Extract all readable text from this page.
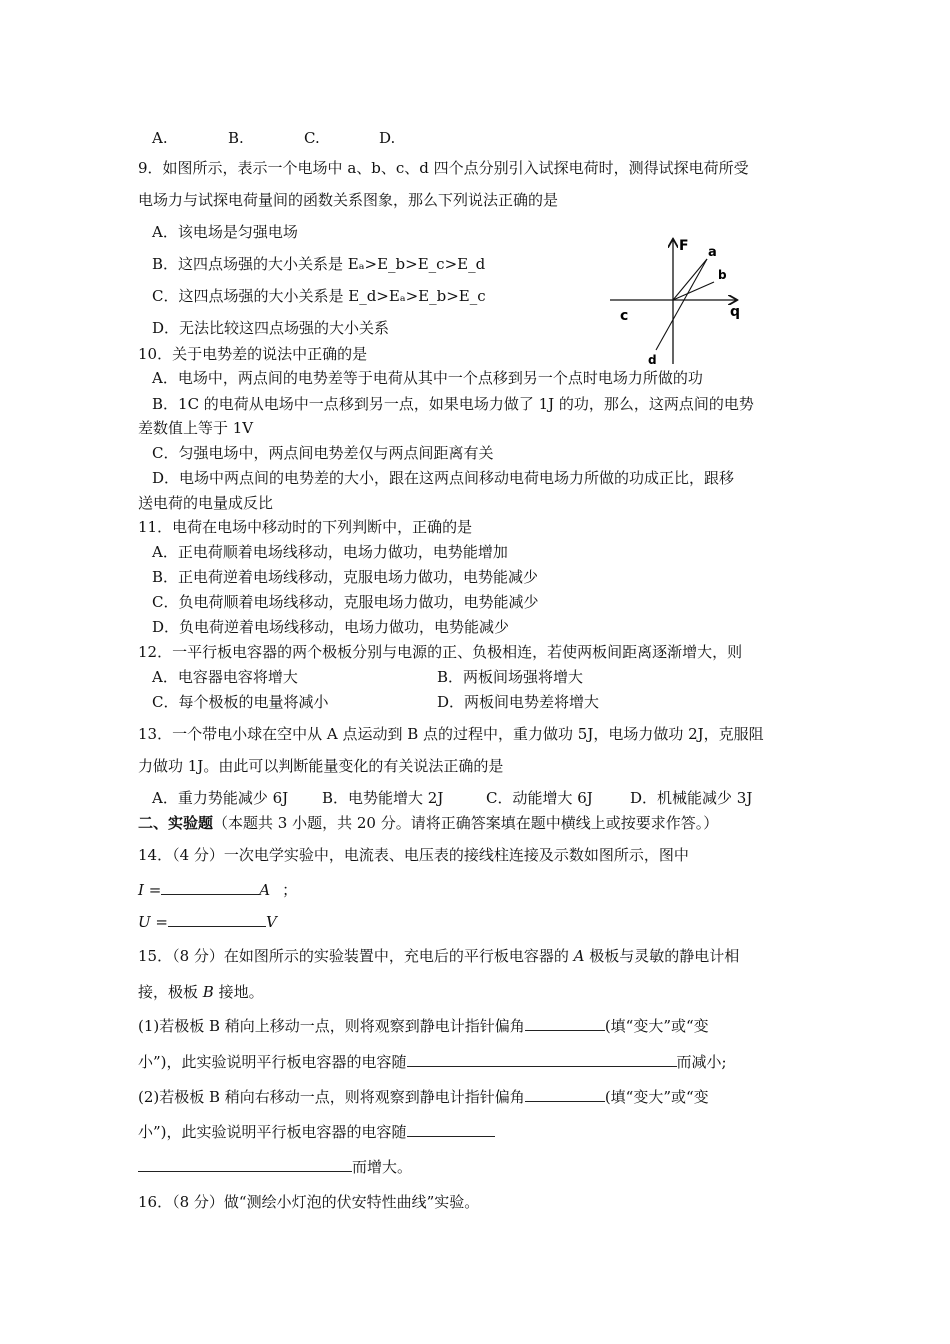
A.	B.	C.	D.
9．如图所示，表示一个电场中 a、b、c、d 四个点分别引入试探电荷时，测得试探电荷所受
电场力与试探电荷量间的函数关系图象，那么下列说法正确的是
A．该电场是匀强电场
B．这四点场强的大小关系是 Eₐ>E_b>E_c>E_d
C．这四点场强的大小关系是 E_d>Eₐ>E_b>E_c
D．无法比较这四点场强的大小关系
F
q
a
b
c
d
10．关于电势差的说法中正确的是
A．电场中，两点间的电势差等于电荷从其中一个点移到另一个点时电场力所做的功
B．1C 的电荷从电场中一点移到另一点，如果电场力做了 1J 的功，那么，这两点间的电势
差数值上等于 1V
C．匀强电场中，两点间电势差仅与两点间距离有关
D．电场中两点间的电势差的大小，跟在这两点间移动电荷电场力所做的功成正比，跟移
送电荷的电量成反比
11．电荷在电场中移动时的下列判断中，正确的是
A．正电荷顺着电场线移动，电场力做功，电势能增加
B．正电荷逆着电场线移动，克服电场力做功，电势能减少
C．负电荷顺着电场线移动，克服电场力做功，电势能减少
D．负电荷逆着电场线移动，电场力做功，电势能减少
12．一平行板电容器的两个极板分别与电源的正、负极相连，若使两板间距离逐渐增大，则
A．电容器电容将增大	B．两板间场强将增大
C．每个极板的电量将减小	D．两板间电势差将增大
13．一个带电小球在空中从 A 点运动到 B 点的过程中，重力做功 5J，电场力做功 2J，克服阻
力做功 1J。由此可以判断能量变化的有关说法正确的是
A．重力势能减少 6J B．电势能增大 2J	C．动能增大 6J D．机械能减少 3J
二、实验题（本题共 3 小题，共 20 分。请将正确答案填在题中横线上或按要求作答。）
14．（4 分）一次电学实验中，电流表、电压表的接线柱连接及示数如图所示，图中
I =	A ；
U =	V
15．（8 分）在如图所示的实验装置中，充电后的平行板电容器的 A 极板与灵敏的静电计相
接，极板 B 接地。
(1)若极板 B 稍向上移动一点，则将观察到静电计指针偏角	(填“变大”或“变
小”)，此实验说明平行板电容器的电容随	而减小;
(2)若极板 B 稍向右移动一点，则将观察到静电计指针偏角	(填“变大”或“变
小”)，此实验说明平行板电容器的电容随
而增大。
16．（8 分）做“测绘小灯泡的伏安特性曲线”实验。
